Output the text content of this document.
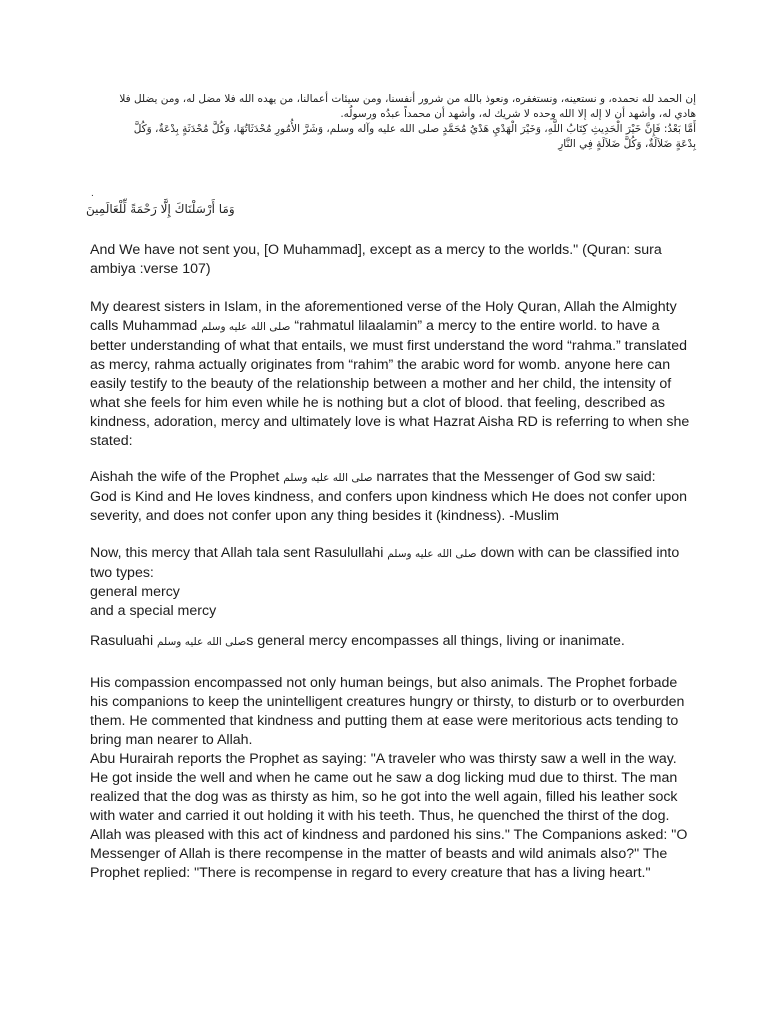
إن الحمد لله نحمده، و نستعينه، ونستغفره، ونعوذ بالله من شرور أنفسنا، ومن سيئات أعمالنا، من يهده الله فلا مضل له، ومن يضلل فلا
هادي له، وأشهد أن لا إله إلا الله وحده لا شريك له، وأشهد أن محمداً عبدُه ورسولُه.
أَمَّا بَعْدُ: فَإِنَّ خَيْرَ الْحَدِيثِ كِتَابُ اللَّهِ، وَخَيْرَ الْهَدْيِ هَدْيُ مُحَمَّدٍ صلى الله عليه وآله وسلم، وَشَرَّ الأُمُورِ مُحْدَثَاتُهَا، وَكُلَّ مُحْدَثَةٍ بِدْعَةٌ، وَكُلَّ
بِدْعَةٍ ضَلاَلَةٌ، وَكُلَّ ضَلاَلَةٍ فِي النَّارِ
.
وَمَا أَرْسَلْنَاكَ إِلَّا رَحْمَةً لِّلْعَالَمِينَ

And We have not sent you, [O Muhammad], except as a mercy to the worlds." (Quran: sura
ambiya :verse 107)

My dearest sisters in Islam, in the aforementioned verse of the Holy Quran, Allah the Almighty
calls Muhammad صلى الله عليه وسلم “rahmatul lilaalamin” a mercy to the entire world. to have a
better understanding of what that entails, we must first understand the word “rahma.” translated
as mercy, rahma actually originates from “rahim” the arabic word for womb. anyone here can
easily testify to the beauty of the relationship between a mother and her child, the intensity of
what she feels for him even while he is nothing but a clot of blood. that feeling, described as
kindness, adoration, mercy and ultimately love is what Hazrat Aisha RD is referring to when she
stated:

Aishah the wife of the Prophet صلى الله عليه وسلم narrates that the Messenger of God sw said:
God is Kind and He loves kindness, and confers upon kindness which He does not confer upon
severity, and does not confer upon any thing besides it (kindness). -Muslim

Now, this mercy that Allah tala sent Rasulullahi صلى الله عليه وسلم down with can be classified into
two types:
general mercy
and a special mercy

Rasuluahi صلى الله عليه وسلمs general mercy encompasses all things, living or inanimate.

His compassion encompassed not only human beings, but also animals. The Prophet forbade
his companions to keep the unintelligent creatures hungry or thirsty, to disturb or to overburden
them. He commented that kindness and putting them at ease were meritorious acts tending to
bring man nearer to Allah.
Abu Hurairah reports the Prophet as saying: "A traveler who was thirsty saw a well in the way.
He got inside the well and when he came out he saw a dog licking mud due to thirst. The man
realized that the dog was as thirsty as him, so he got into the well again, filled his leather sock
with water and carried it out holding it with his teeth. Thus, he quenched the thirst of the dog.
Allah was pleased with this act of kindness and pardoned his sins." The Companions asked: "O
Messenger of Allah is there recompense in the matter of beasts and wild animals also?" The
Prophet replied: "There is recompense in regard to every creature that has a living heart."
